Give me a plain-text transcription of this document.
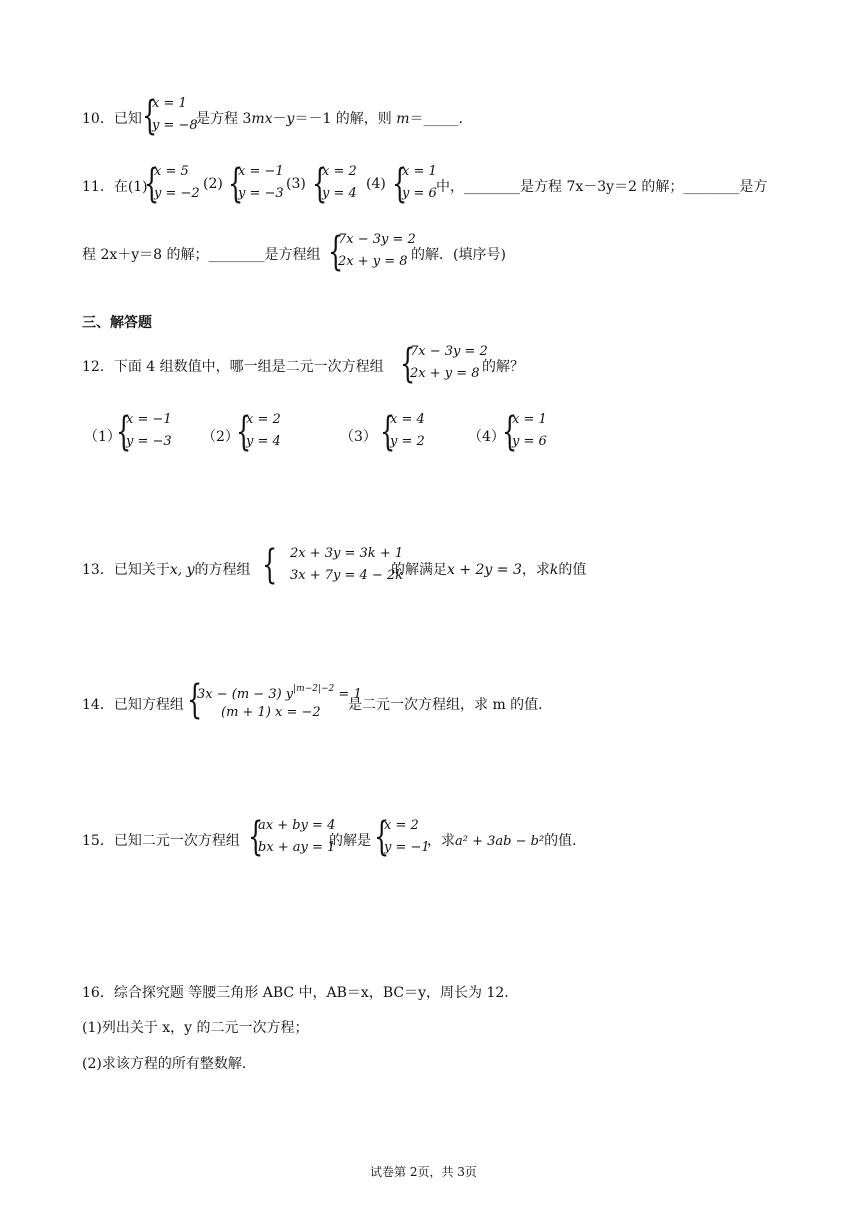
10．已知 {
x = 1
y = −8
是方程 3mx－y＝－1 的解，则 m＝_____.
11．在(1)
{
x = 5
y = −2
(2) {
x = −1
y = −3
(3) {
x = 2
y = 4
(4) {
x = 1
y = 6 中，________是方程 7x－3y＝2 的解；________是方
程 2x＋y＝8 的解；________是方程组 {
7x − 3y = 2
2x + y = 8 的解．(填序号)
三、解答题
12．下面 4 组数值中，哪一组是二元一次方程组 {
7x − 3y = 2
2x + y = 8 的解？
（1）
{
x = −1
y = −3 （2）
{
x = 2
y = 4	（3） {
x = 4
y = 2	（4）
{
x = 1
y = 6
13．已知关于x, y的方程组 { 2x + 3y = 3k + 1
3x + 7y = 4 − 2k
的解满足x + 2y = 3，求k的值
14．已知方程组 {
3x − (m − 3) $y^{|m-2|-2} = 1$
(m + 1) x = −2 是二元一次方程组，求 m 的值．
15．已知二元一次方程组 {
ax + by = 4
bx + ay = 1
的解是 {
x = 2
y = −1
，求a² + 3ab − b²的值．
16．综合探究题 等腰三角形 ABC 中，AB＝x，BC＝y，周长为 12.
(1)列出关于 x，y 的二元一次方程；
(2)求该方程的所有整数解．
试卷第 2页，共 3页
